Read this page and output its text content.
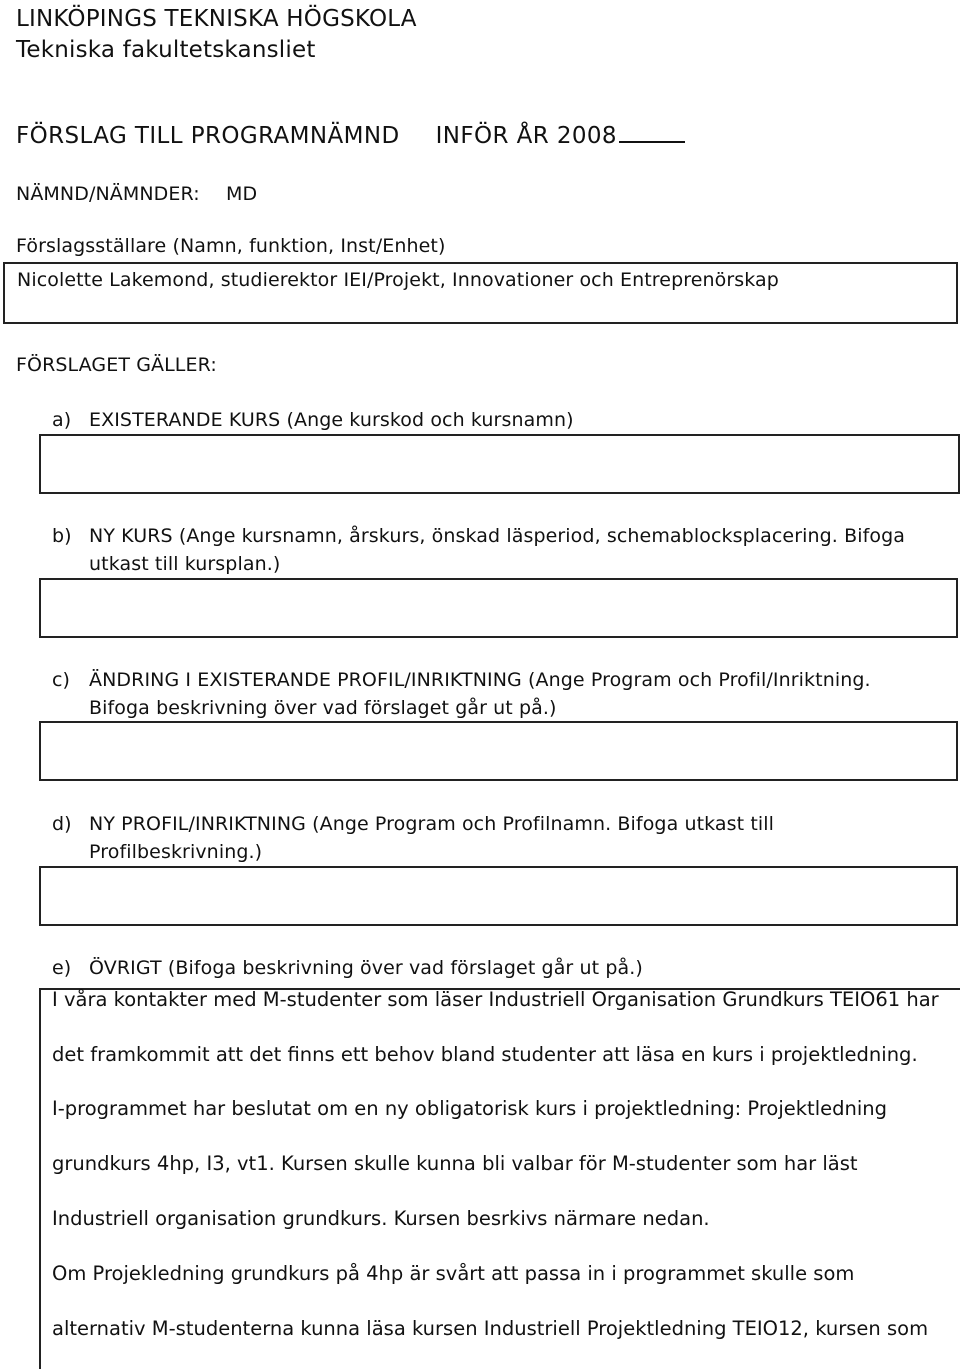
LINKÖPINGS TEKNISKA HÖGSKOLA
Tekniska fakultetskansliet
FÖRSLAG TILL PROGRAMNÄMND INFÖR ÅR 2008
NÄMND/NÄMNDER: MD
Förslagsställare (Namn, funktion, Inst/Enhet)
Nicolette Lakemond, studierektor IEI/Projekt, Innovationer och Entreprenörskap
FÖRSLAGET GÄLLER:
a) EXISTERANDE KURS (Ange kurskod och kursnamn)
b) NY KURS (Ange kursnamn, årskurs, önskad läsperiod, schemablocksplacering. Bifoga
utkast till kursplan.)
c) ÄNDRING I EXISTERANDE PROFIL/INRIKTNING (Ange Program och Profil/Inriktning.
Bifoga beskrivning över vad förslaget går ut på.)
d) NY PROFIL/INRIKTNING (Ange Program och Profilnamn. Bifoga utkast till
Profilbeskrivning.)
e) ÖVRIGT (Bifoga beskrivning över vad förslaget går ut på.)
I våra kontakter med M-studenter som läser Industriell Organisation Grundkurs TEIO61 har
det framkommit att det finns ett behov bland studenter att läsa en kurs i projektledning.
I-programmet har beslutat om en ny obligatorisk kurs i projektledning: Projektledning
grundkurs 4hp, I3, vt1. Kursen skulle kunna bli valbar för M-studenter som har läst
Industriell organisation grundkurs. Kursen besrkivs närmare nedan.
Om Projekledning grundkurs på 4hp är svårt att passa in i programmet skulle som
alternativ M-studenterna kunna läsa kursen Industriell Projektledning TEIO12, kursen som
